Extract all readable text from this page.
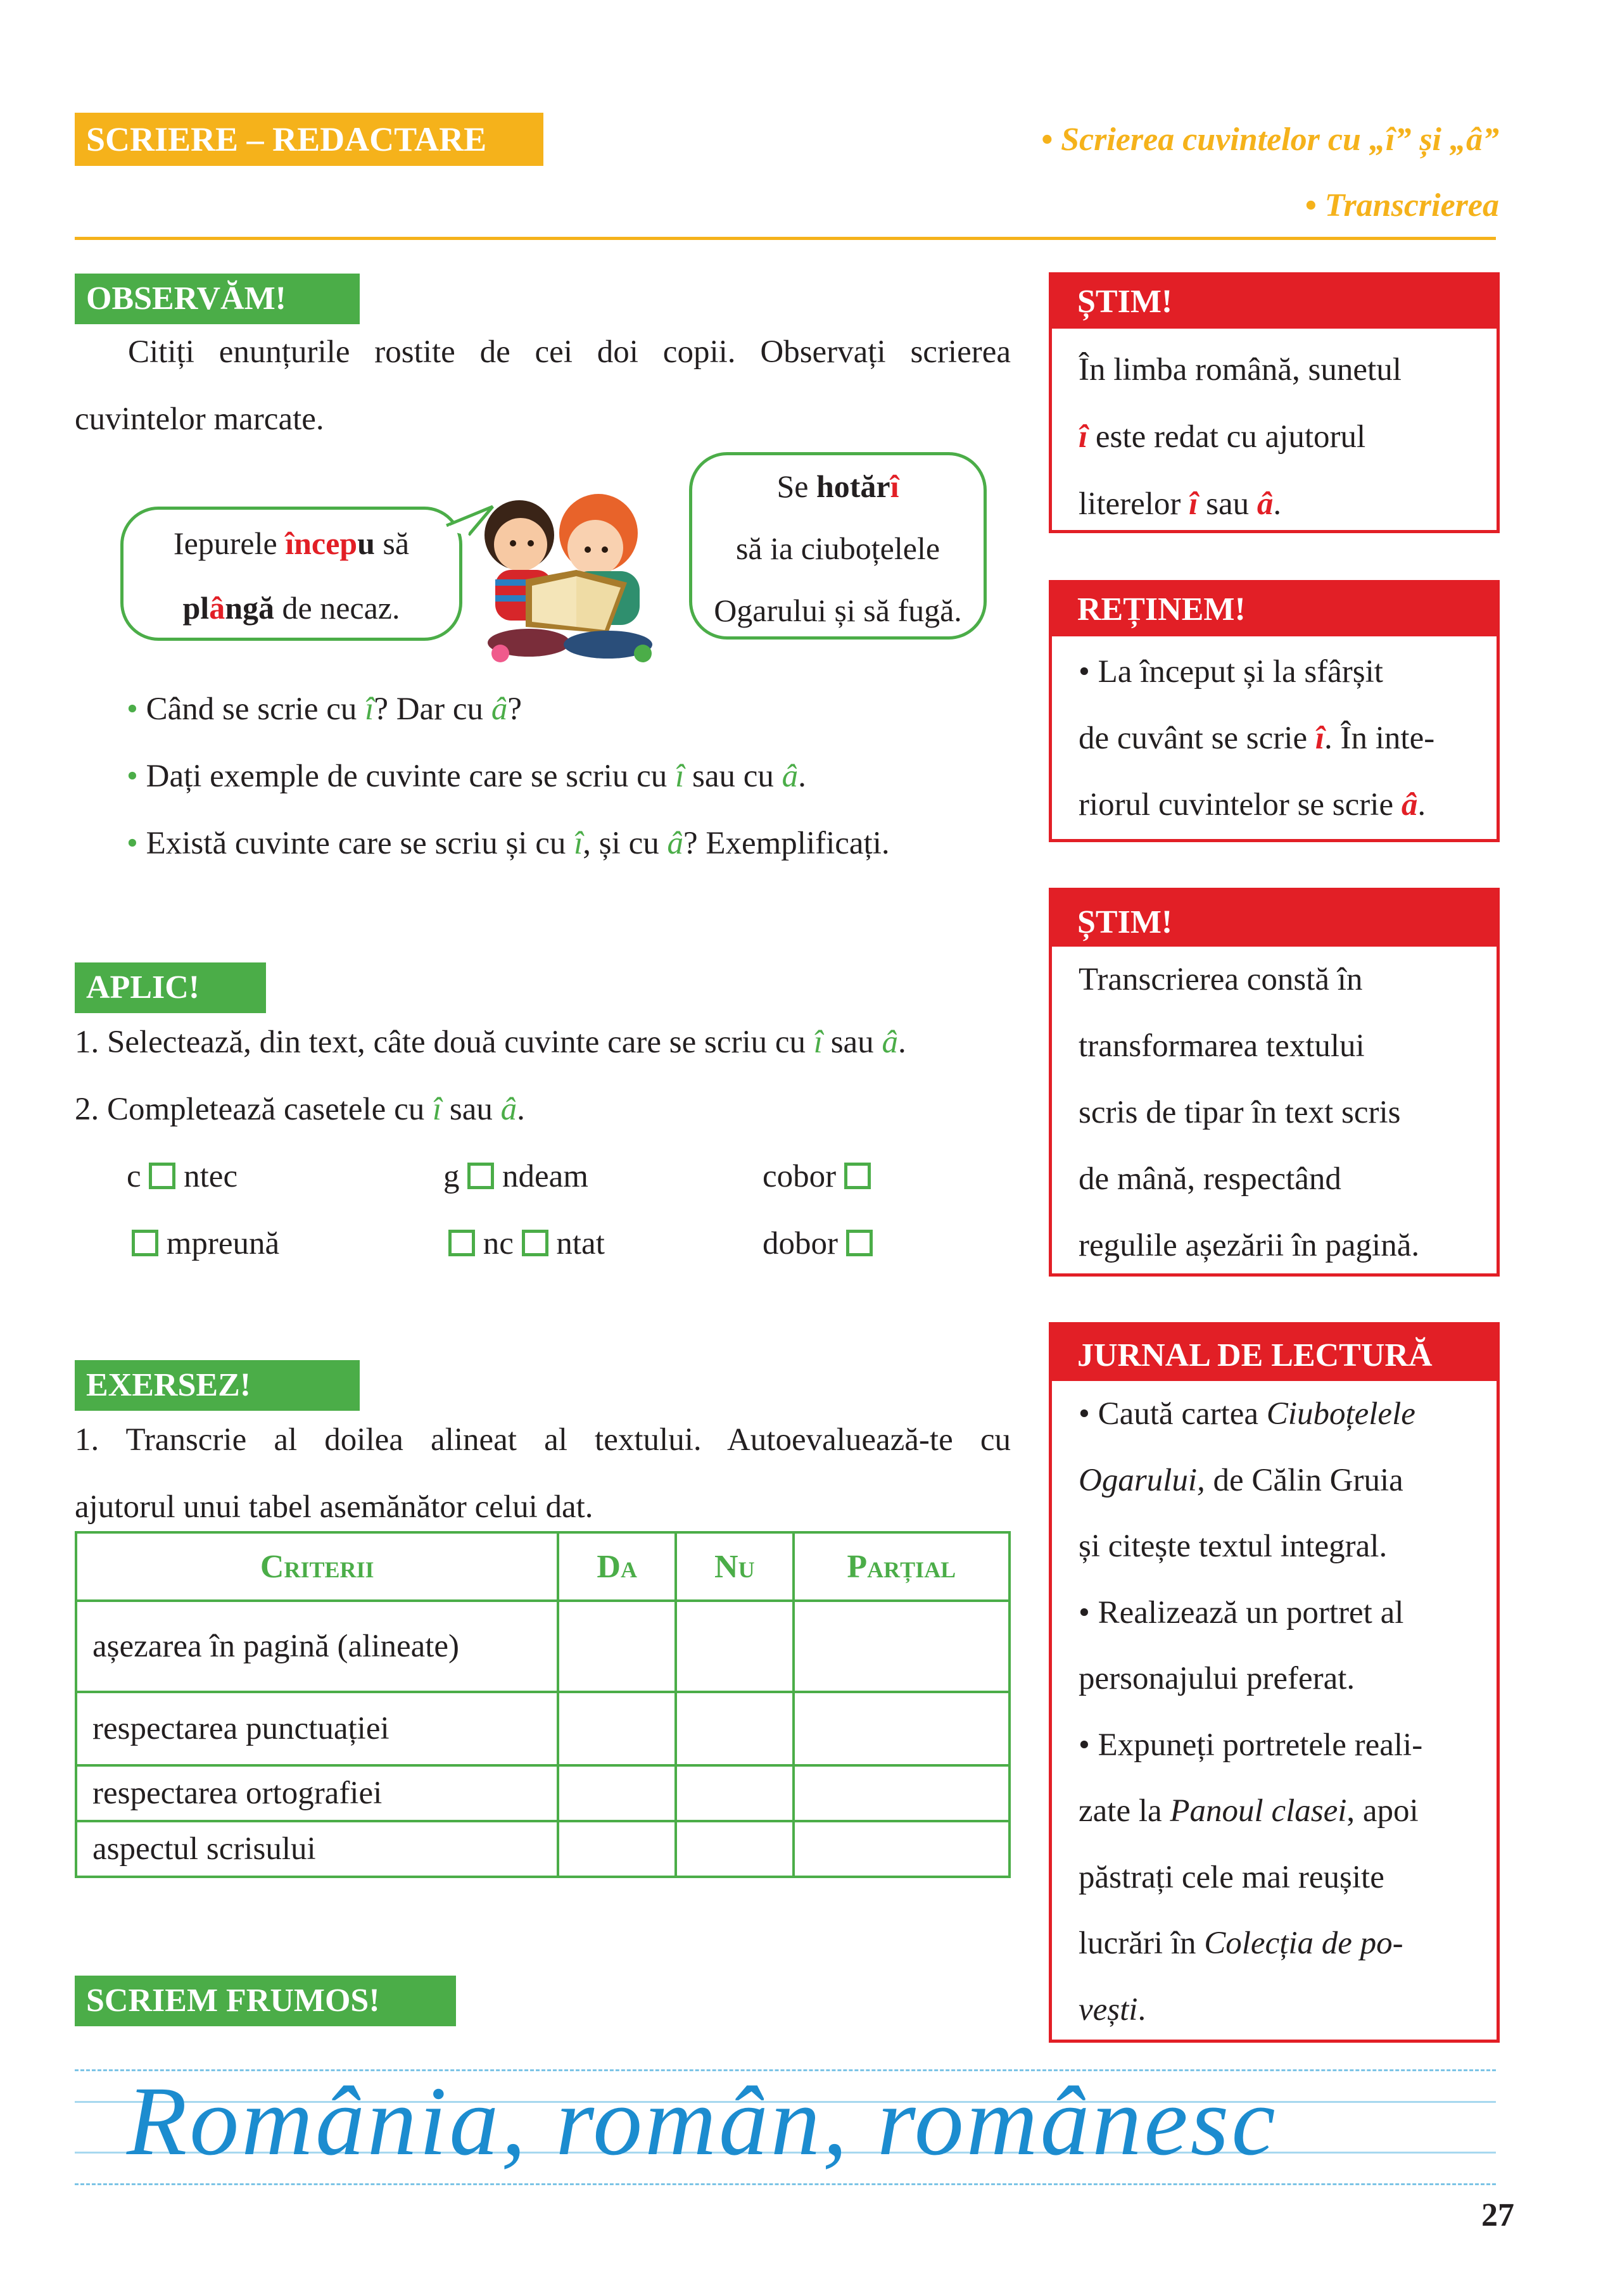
SCRIERE – REDACTARE	• Scrierea cuvintelor cu „î” și „â”
• Transcrierea
OBSERVĂM!
Citiți enunțurile rostite de cei doi copii. Observați scrierea
cuvintelor marcate.
Iepurele începu să
plângă de necaz.
Se hotărî
să ia ciuboțelele
Ogarului și să fugă.
• Când se scrie cu î? Dar cu â?
• Dați exemple de cuvinte care se scriu cu î sau cu â.
• Există cuvinte care se scriu și cu î, și cu â? Exemplificați.
APLIC!
1. Selectează, din text, câte două cuvinte care se scriu cu î sau â.
2. Completează casetele cu î sau â.
c ntec	g ndeam	cobor
mpreună	nc ntat	dobor
EXERSEZ!
1. Transcrie al doilea alineat al textului. Autoevaluează-te cu
ajutorul unui tabel asemănător celui dat.
Criterii	Da	Nu	Parțial
așezarea în pagină (alineate)			
respectarea punctuației			
respectarea ortografiei			
aspectul scrisului			
SCRIEM FRUMOS!
România, român, românesc
ȘTIM!
În limba română, sunetul
î este redat cu ajutorul
literelor î sau â.
REȚINEM!
• La început și la sfârșit
de cuvânt se scrie î. În inte-
riorul cuvintelor se scrie â.
ȘTIM!
Transcrierea constă în
transformarea textului
scris de tipar în text scris
de mână, respectând
regulile așezării în pagină.
JURNAL DE LECTURĂ
• Caută cartea Ciuboțelele
Ogarului, de Călin Gruia
și citește textul integral.
• Realizează un portret al
personajului preferat.
• Expuneți portretele reali-
zate la Panoul clasei, apoi
păstrați cele mai reușite
lucrări în Colecția de po-
vești.
27
